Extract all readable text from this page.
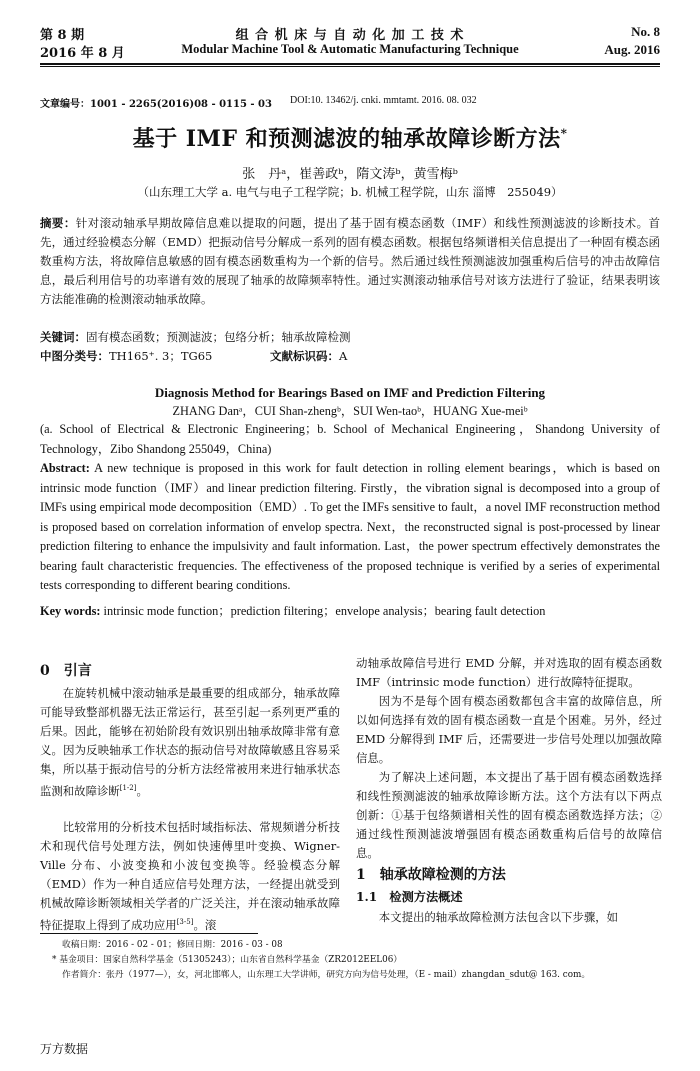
第 8 期
2016 年 8 月
组 合 机 床 与 自 动 化 加 工 技 术
Modular Machine Tool & Automatic Manufacturing Technique
No. 8
Aug. 2016
文章编号：1001 - 2265(2016)08 - 0115 - 03 DOI:10. 13462/j. cnki. mmtamt. 2016. 08. 032
基于 IMF 和预测滤波的轴承故障诊断方法*
张　丹ᵃ，崔善政ᵇ，隋文涛ᵇ，黄雪梅ᵇ
（山东理工大学 a. 电气与电子工程学院；b. 机械工程学院，山东 淄博　255049）
摘要：针对滚动轴承早期故障信息难以提取的问题，提出了基于固有模态函数（IMF）和线性预测滤波的诊断技术。首先，通过经验模态分解（EMD）把振动信号分解成一系列的固有模态函数。根据包络频谱相关信息提出了一种固有模态函数重构方法，将故障信息敏感的固有模态函数重构为一个新的信号。然后通过线性预测滤波加强重构后信号的冲击故障信息，最后利用信号的功率谱有效的展现了轴承的故障频率特性。通过实测滚动轴承信号对该方法进行了验证，结果表明该方法能准确的检测滚动轴承故障。
关键词：固有模态函数；预测滤波；包络分析；轴承故障检测
中图分类号：TH165⁺. 3；TG65	文献标识码：A
Diagnosis Method for Bearings Based on IMF and Prediction Filtering
ZHANG Danᵃ，CUI Shan-zhengᵇ，SUI Wen-taoᵇ，HUANG Xue-meiᵇ
(a. School of Electrical & Electronic Engineering；b. School of Mechanical Engineering，Shandong University of Technology，Zibo Shandong 255049，China)
Abstract: A new technique is proposed in this work for fault detection in rolling element bearings，which is based on intrinsic mode function（IMF）and linear prediction filtering. Firstly，the vibration signal is decomposed into a group of IMFs using empirical mode decomposition（EMD）. To get the IMFs sensitive to fault，a novel IMF reconstruction method is proposed based on correlation information of envelop spectra. Next，the reconstructed signal is post-processed by linear prediction filtering to enhance the impulsivity and fault information. Last，the power spectrum effectively demonstrates the bearing fault characteristic frequencies. The effectiveness of the proposed technique is verified by a series of experimental tests corresponding to different bearing conditions.
Key words: intrinsic mode function；prediction filtering；envelope analysis；bearing fault detection
0　引言

在旋转机械中滚动轴承是最重要的组成部分，轴承故障可能导致整部机器无法正常运行，甚至引起一系列更严重的后果。因此，能够在初始阶段有效识别出轴承故障非常有意义。因为反映轴承工作状态的振动信号对故障敏感且容易采集，所以基于振动信号的分析方法经常被用来进行轴承状态监测和故障诊断[1-2]。

比较常用的分析技术包括时域指标法、常规频谱分析技术和现代信号处理方法，例如快速傅里叶变换、Wigner-Ville 分布、小波变换和小波包变换等。经验模态分解（EMD）作为一种自适应信号处理方法，一经提出就受到机械故障诊断领域相关学者的广泛关注，并在滚动轴承故障特征提取上得到了成功应用[3-5]。滚

动轴承故障信号进行 EMD 分解，并对选取的固有模态函数 IMF（intrinsic mode function）进行故障特征提取。

因为不是每个固有模态函数都包含丰富的故障信息，所以如何选择有效的固有模态函数一直是个困难。另外，经过 EMD 分解得到 IMF 后，还需要进一步信号处理以加强故障信息。

为了解决上述问题，本文提出了基于固有模态函数选择和线性预测滤波的轴承故障诊断方法。这个方法有以下两点创新：①基于包络频谱相关性的固有模态函数选择方法；②通过线性预测滤波增强固有模态函数重构后信号的故障信息。

1　轴承故障检测的方法
1.1　检测方法概述

本文提出的轴承故障检测方法包含以下步骤，如

收稿日期：2016 - 02 - 01；修回日期：2016 - 03 - 08
* 基金项目：国家自然科学基金（51305243）；山东省自然科学基金（ZR2012EEL06）
作者简介：张丹（1977—），女，河北邯郸人，山东理工大学讲师，研究方向为信号处理，（E - mail）zhangdan_sdut@ 163. com。
万方数据
